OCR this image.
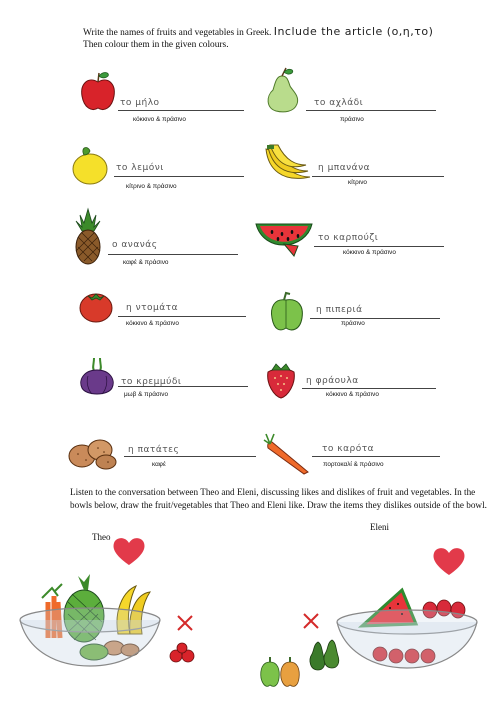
Write the names of fruits and vegetables in Greek. Include the article (ο,η,το)
Then colour them in the given colours.
το μήλο
κόκκινο & πράσινο
το αχλάδι
πράσινο
το λεμόνι
κίτρινο & πράσινο
η μπανάνα
κίτρινο
ο ανανάς
καφέ & πράσινο
το καρπούζι
κόκκινο & πράσινο
η ντομάτα
κόκκινο & πράσινο
η πιπεριά
πράσινο
το κρεμμύδι
μωβ & πράσινο
η φράουλα
κόκκινο & πράσινο
η πατάτες
καφέ
το καρότα
πορτοκαλί & πράσινο
Listen to the conversation between Theo and Eleni, discussing likes and dislikes of fruit and vegetables. In the bowls below, draw the fruit/vegetables that Theo and Eleni like. Draw the items they dislikes outside of the bowl.
Theo
Eleni
